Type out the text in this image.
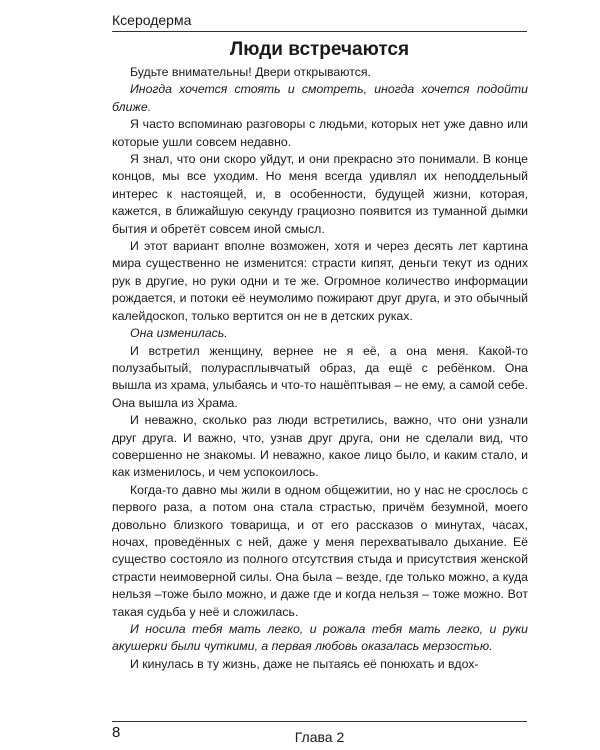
Ксеродерма
Люди встречаются

Будьте внимательны! Двери открываются.

Иногда хочется стоять и смотреть, иногда хочется подойти ближе.

Я часто вспоминаю разговоры с людьми, которых нет уже давно или которые ушли совсем недавно.

Я знал, что они скоро уйдут, и они прекрасно это понимали. В конце концов, мы все уходим. Но меня всегда удивлял их неподдельный интерес к настоящей, и, в особенности, будущей жизни, которая, кажется, в ближайшую секунду грациозно появится из туманной дымки бытия и обретёт совсем иной смысл.

И этот вариант вполне возможен, хотя и через десять лет картина мира существенно не изменится: страсти кипят, деньги текут из одних рук в другие, но руки одни и те же. Огромное количество информации рождается, и потоки её неумолимо пожирают друг друга, и это обычный калейдоскоп, только вертится он не в детских руках.

Она изменилась.

И встретил женщину, вернее не я её, а она меня. Какой-то полузабытый, полурасплывчатый образ, да ещё с ребёнком. Она вышла из храма, улыбаясь и что-то нашёптывая – не ему, а самой себе. Она вышла из Храма.

И неважно, сколько раз люди встретились, важно, что они узнали друг друга. И важно, что, узнав друг друга, они не сделали вид, что совершенно не знакомы. И неважно, какое лицо было, и каким стало, и как изменилось, и чем успокоилось.

Когда-то давно мы жили в одном общежитии, но у нас не срослось с первого раза, а потом она стала страстью, причём безумной, моего довольно близкого товарища, и от его рассказов о минутах, часах, ночах, проведённых с ней, даже у меня перехватывало дыхание. Её существо состояло из полного отсутствия стыда и присутствия женской страсти неимоверной силы. Она была – везде, где только можно, а куда нельзя –тоже было можно, и даже где и когда нельзя – тоже можно. Вот такая судьба у неё и сложилась.

И носила тебя мать легко, и рожала тебя мать легко, и руки акушерки были чуткими, а первая любовь оказалась мерзостью.

И кинулась в ту жизнь, даже не пытаясь её понюхать и вдох-

8	Глава 2
